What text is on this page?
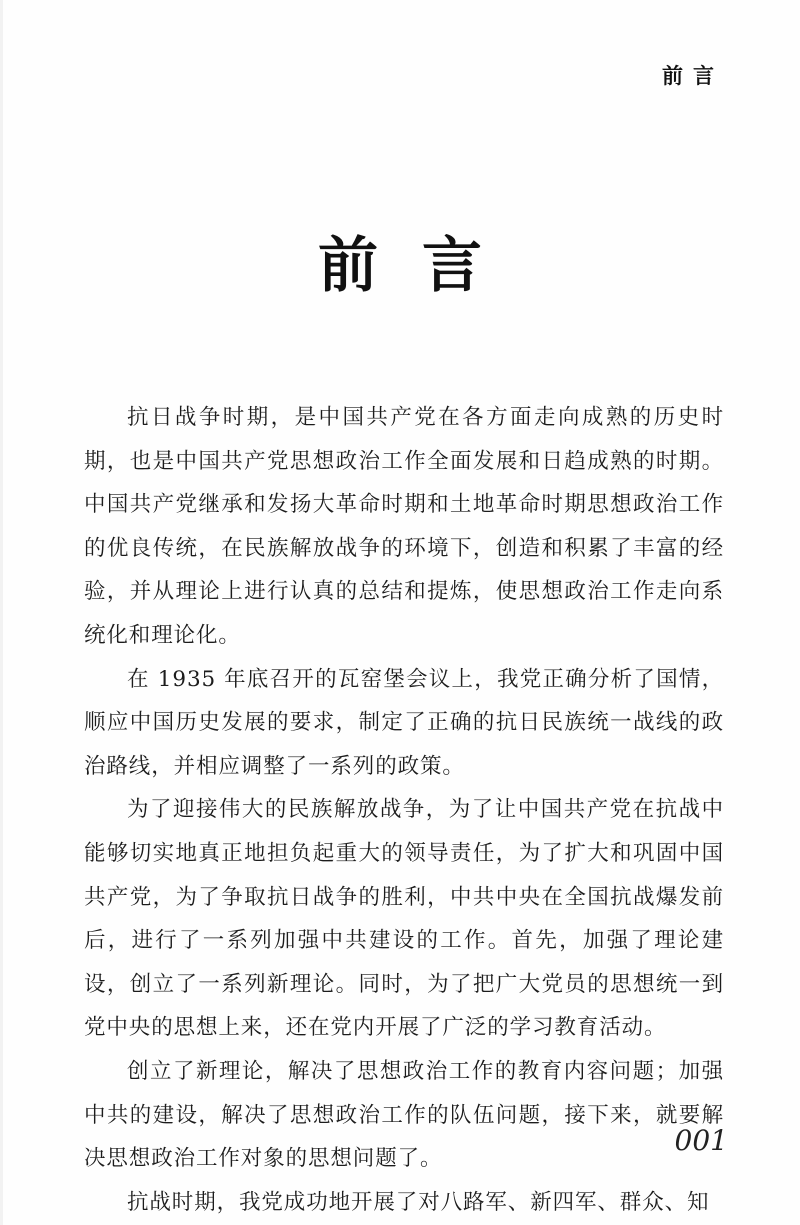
前言
前言

抗日战争时期，是中国共产党在各方面走向成熟的历史时期，也是中国共产党思想政治工作全面发展和日趋成熟的时期。中国共产党继承和发扬大革命时期和土地革命时期思想政治工作的优良传统，在民族解放战争的环境下，创造和积累了丰富的经验，并从理论上进行认真的总结和提炼，使思想政治工作走向系统化和理论化。

在 1935 年底召开的瓦窑堡会议上，我党正确分析了国情，顺应中国历史发展的要求，制定了正确的抗日民族统一战线的政治路线，并相应调整了一系列的政策。

为了迎接伟大的民族解放战争，为了让中国共产党在抗战中能够切实地真正地担负起重大的领导责任，为了扩大和巩固中国共产党，为了争取抗日战争的胜利，中共中央在全国抗战爆发前后，进行了一系列加强中共建设的工作。首先，加强了理论建设，创立了一系列新理论。同时，为了把广大党员的思想统一到党中央的思想上来，还在党内开展了广泛的学习教育活动。

创立了新理论，解决了思想政治工作的教育内容问题；加强中共的建设，解决了思想政治工作的队伍问题，接下来，就要解决思想政治工作对象的思想问题了。

抗战时期，我党成功地开展了对八路军、新四军、群众、知

001
